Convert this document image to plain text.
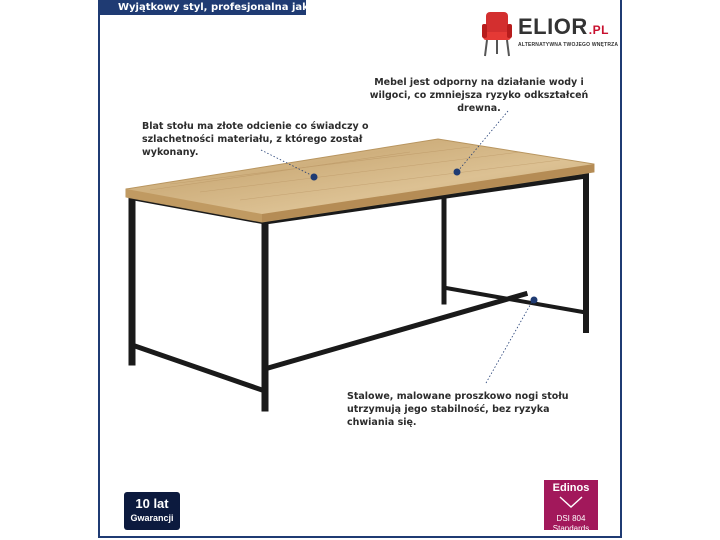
Wyjątkowy styl, profesjonalna jakość!
ELIOR.PL
ALTERNATYWNA TWOJEGO WNĘTRZA
Blat stołu ma złote odcienie co świadczy o szlachetności materiału, z którego został wykonany.
Mebel jest odporny na działanie wody i wilgoci, co zmniejsza ryzyko odkształceń drewna.
Stalowe, malowane proszkowo nogi stołu utrzymują jego stabilność, bez ryzyka chwiania się.
10 lat
Gwarancji
Edinos
DSI 804
Standards
